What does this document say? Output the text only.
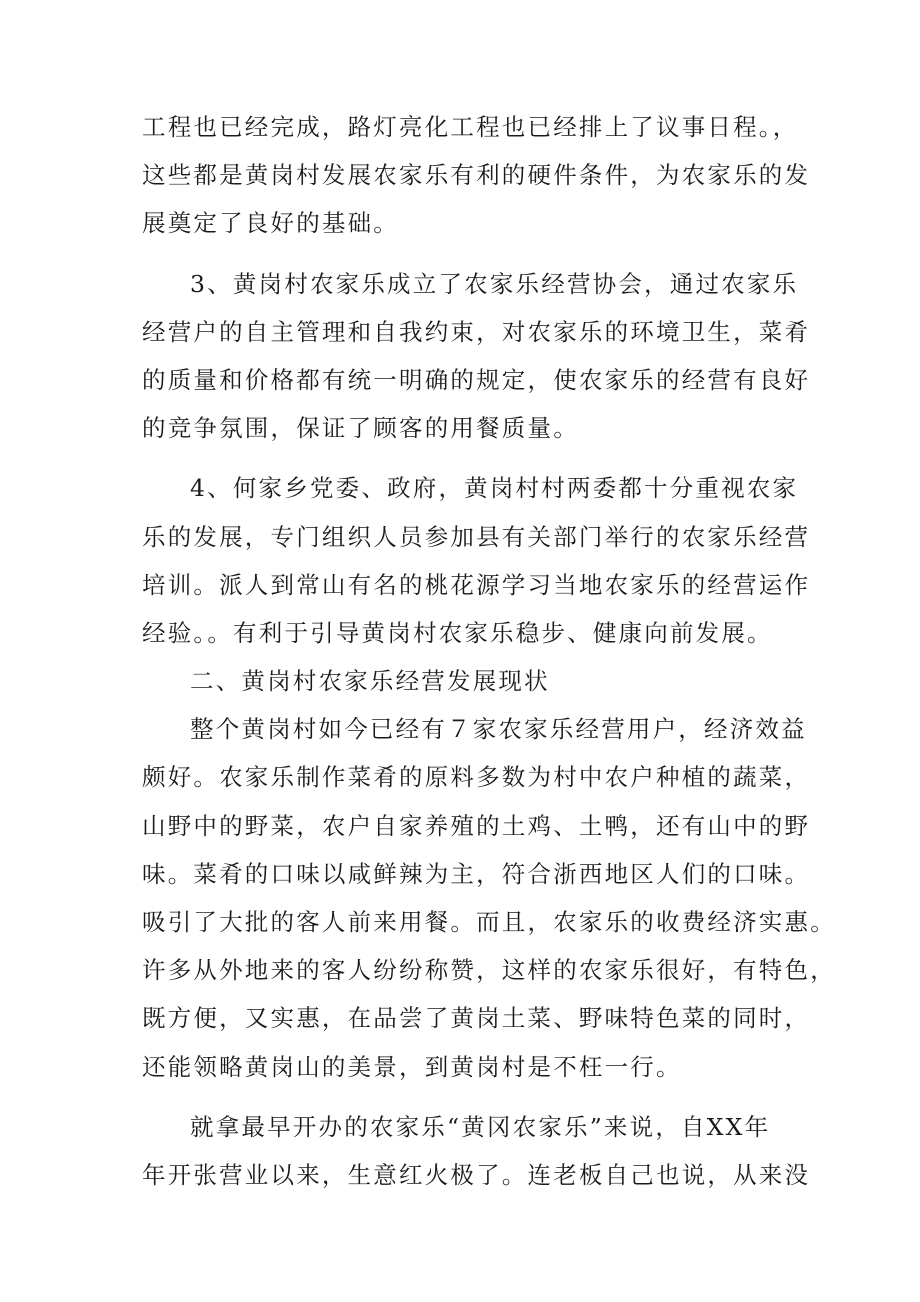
工程也已经完成，路灯亮化工程也已经排上了议事日程。，
这些都是黄岗村发展农家乐有利的硬件条件，为农家乐的发
展奠定了良好的基础。
3、黄岗村农家乐成立了农家乐经营协会，通过农家乐
经营户的自主管理和自我约束，对农家乐的环境卫生，菜肴
的质量和价格都有统一明确的规定，使农家乐的经营有良好
的竞争氛围，保证了顾客的用餐质量。
4、何家乡党委、政府，黄岗村村两委都十分重视农家
乐的发展，专门组织人员参加县有关部门举行的农家乐经营
培训。派人到常山有名的桃花源学习当地农家乐的经营运作
经验。。有利于引导黄岗村农家乐稳步、健康向前发展。
二、黄岗村农家乐经营发展现状
整个黄岗村如今已经有７家农家乐经营用户，经济效益
颇好。农家乐制作菜肴的原料多数为村中农户种植的蔬菜，
山野中的野菜，农户自家养殖的土鸡、土鸭，还有山中的野
味。菜肴的口味以咸鲜辣为主，符合浙西地区人们的口味。
吸引了大批的客人前来用餐。而且，农家乐的收费经济实惠。
许多从外地来的客人纷纷称赞，这样的农家乐很好，有特色，
既方便，又实惠，在品尝了黄岗土菜、野味特色菜的同时，
还能领略黄岗山的美景，到黄岗村是不枉一行。
就拿最早开办的农家乐“黄冈农家乐”来说，自XX年
年开张营业以来，生意红火极了。连老板自己也说，从来没
